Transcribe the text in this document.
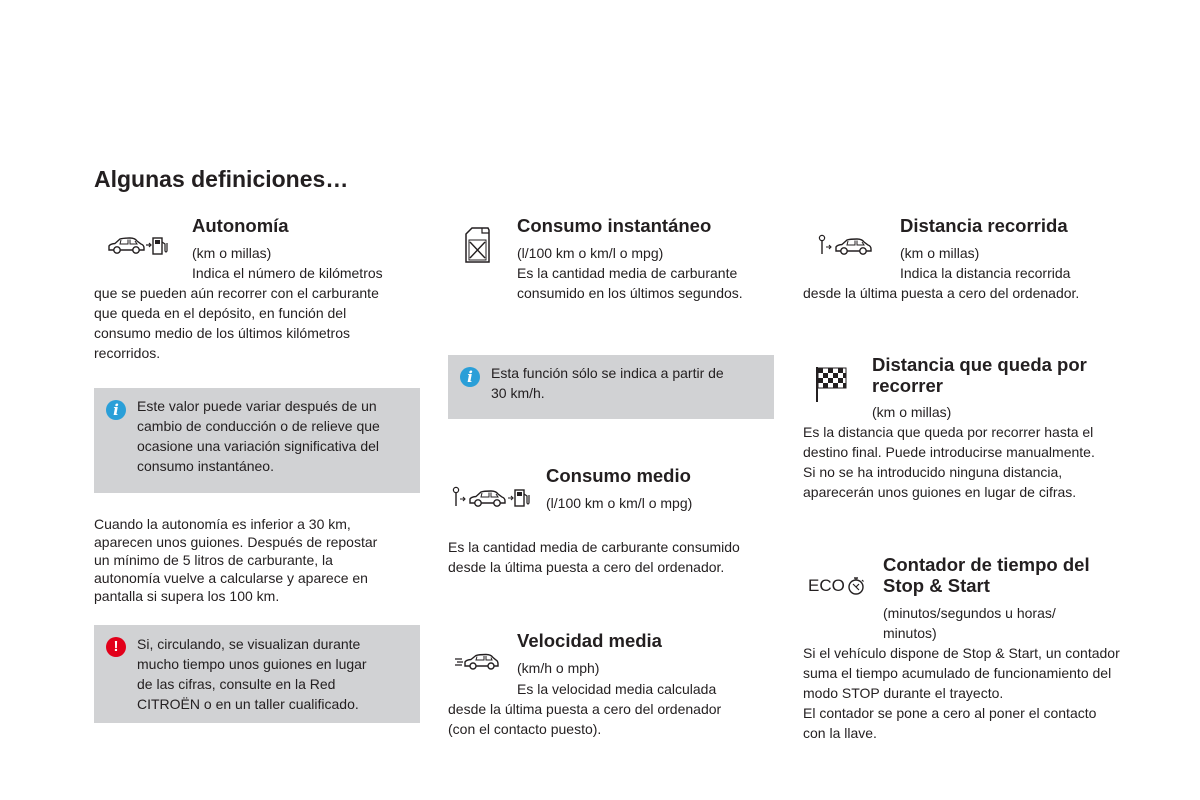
Algunas definiciones…
Autonomía
(km o millas)
Indica el número de kilómetros
que se pueden aún recorrer con el carburante
que queda en el depósito, en función del
consumo medio de los últimos kilómetros
recorridos.
i	Este valor puede variar después de un
cambio de conducción o de relieve que
ocasione una variación significativa del
consumo instantáneo.
Cuando la autonomía es inferior a 30 km,
aparecen unos guiones. Después de repostar
un mínimo de 5 litros de carburante, la
autonomía vuelve a calcularse y aparece en
pantalla si supera los 100 km.
!	Si, circulando, se visualizan durante
mucho tiempo unos guiones en lugar
de las cifras, consulte en la Red
CITROËN o en un taller cualificado.
Consumo instantáneo
(l/100 km o km/l o mpg)
Es la cantidad media de carburante
consumido en los últimos segundos.
i	Esta función sólo se indica a partir de
30 km/h.
Consumo medio
(l/100 km o km/l o mpg)
Es la cantidad media de carburante consumido
desde la última puesta a cero del ordenador.
Velocidad media
(km/h o mph)
Es la velocidad media calculada
desde la última puesta a cero del ordenador
(con el contacto puesto).
Distancia recorrida
(km o millas)
Indica la distancia recorrida
desde la última puesta a cero del ordenador.
Distancia que queda por
recorrer
(km o millas)
Es la distancia que queda por recorrer hasta el
destino final. Puede introducirse manualmente.
Si no se ha introducido ninguna distancia,
aparecerán unos guiones en lugar de cifras.
ECO
Contador de tiempo del
Stop & Start
(minutos/segundos u horas/
minutos)
Si el vehículo dispone de Stop & Start, un contador
suma el tiempo acumulado de funcionamiento del
modo STOP durante el trayecto.
El contador se pone a cero al poner el contacto
con la llave.
